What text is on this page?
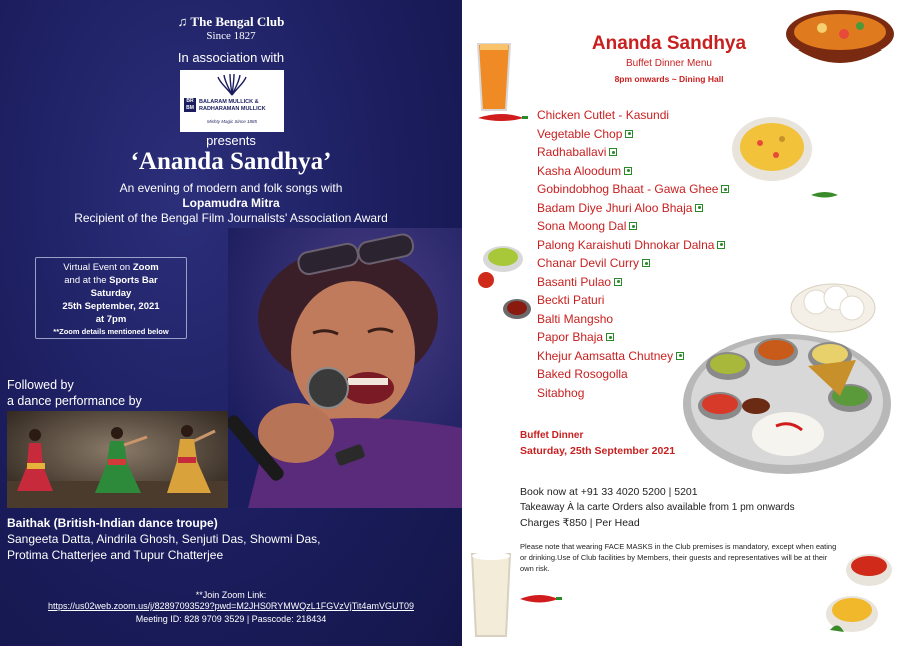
♫ The Bengal Club
Since 1827
In association with
BR BM
BALARAM MULLICK &
RADHARAMAN MULLICK
Mishty Magic Since 1885
presents
‘Ananda Sandhya’
An evening of modern and folk songs with
Lopamudra Mitra
Recipient of the Bengal Film Journalists' Association Award
Virtual Event on Zoom
and at the Sports Bar
Saturday
25th September, 2021
at 7pm
**Zoom details mentioned below
Followed by
a dance performance by
Baithak (British-Indian dance troupe)
Sangeeta Datta, Aindrila Ghosh, Senjuti Das, Showmi Das,
Protima Chatterjee and Tupur Chatterjee
**Join Zoom Link:
https://us02web.zoom.us/j/82897093529?pwd=M2JHS0RYMWQzL1FGVzVjTit4amVGUT09
Meeting ID: 828 9709 3529 | Passcode: 218434
Ananda Sandhya
Buffet Dinner Menu
8pm onwards ~ Dining Hall
Chicken Cutlet - Kasundi
Vegetable Chop
Radhaballavi
Kasha Aloodum
Gobindobhog Bhaat - Gawa Ghee
Badam Diye Jhuri Aloo Bhaja
Sona Moong Dal
Palong Karaishuti Dhnokar Dalna
Chanar Devil Curry
Basanti Pulao
Beckti Paturi
Balti Mangsho
Papor Bhaja
Khejur Aamsatta Chutney
Baked Rosogolla
Sitabhog
Buffet Dinner
Saturday, 25th September 2021
Book now at +91 33 4020 5200 | 5201
Takeaway À la carte Orders also available from 1 pm onwards
Charges ₹850 | Per Head
Please note that wearing FACE MASKS in the Club premises is mandatory, except when eating or drinking.Use of Club facilities by Members, their guests and representatives will be at their own risk.
